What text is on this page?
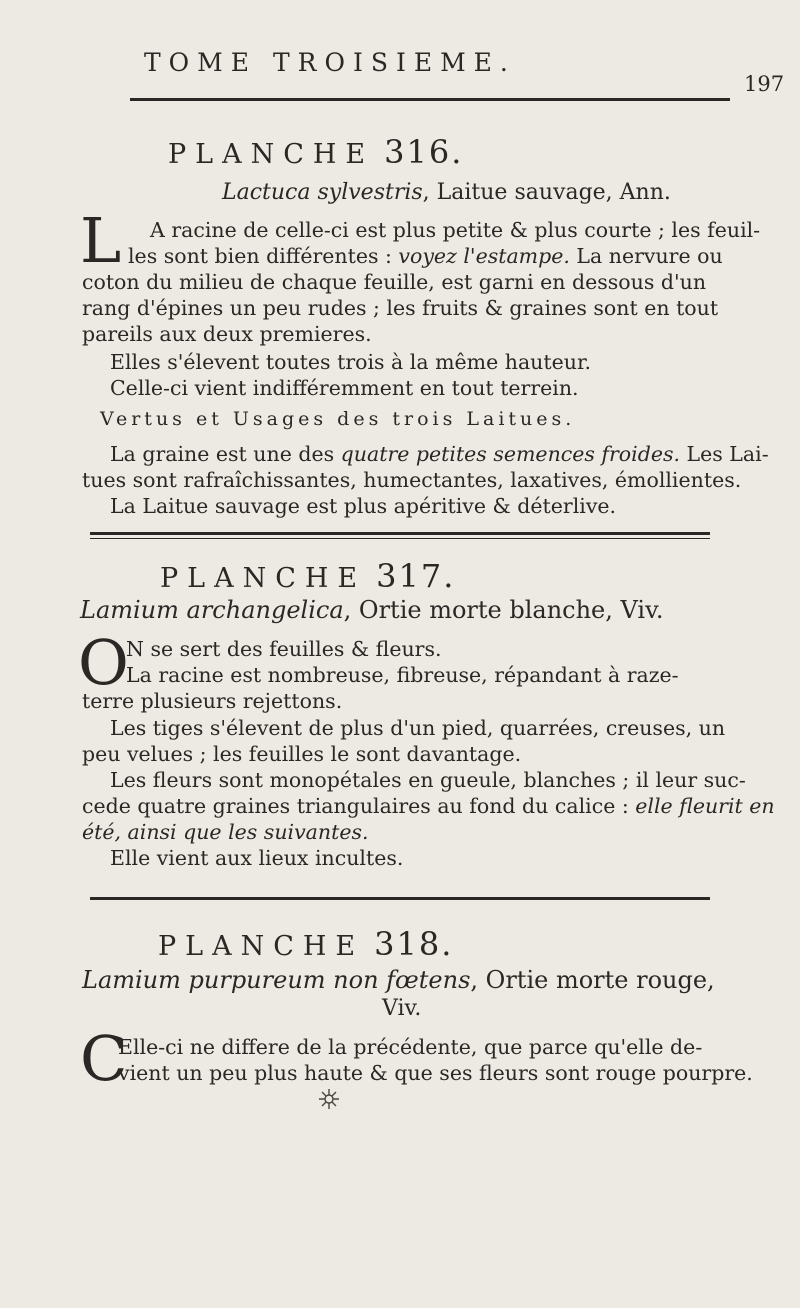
TOME TROISIEME.
197
PLANCHE 316.
Lactuca sylvestris, Laitue sauvage, Ann.
L A racine de celle-ci est plus petite & plus courte ; les feuil-
les sont bien différentes : voyez l'estampe. La nervure ou
coton du milieu de chaque feuille, est garni en dessous d'un
rang d'épines un peu rudes ; les fruits & graines sont en tout
pareils aux deux premieres.
Elles s'élevent toutes trois à la même hauteur.
Celle-ci vient indifféremment en tout terrein.
Vertus et Usages des trois Laitues.
La graine est une des quatre petites semences froides. Les Lai-
tues sont rafraîchissantes, humectantes, laxatives, émollientes.
La Laitue sauvage est plus apéritive & déterlive.
PLANCHE 317.
Lamium archangelica, Ortie morte blanche, Viv.
O
N se sert des feuilles & fleurs.
La racine est nombreuse, fibreuse, répandant à raze-
terre plusieurs rejettons.
Les tiges s'élevent de plus d'un pied, quarrées, creuses, un
peu velues ; les feuilles le sont davantage.
Les fleurs sont monopétales en gueule, blanches ; il leur suc-
cede quatre graines triangulaires au fond du calice : elle fleurit en
été, ainsi que les suivantes.
Elle vient aux lieux incultes.
PLANCHE 318.
Lamium purpureum non fœtens, Ortie morte rouge,
Viv.
C
Elle-ci ne differe de la précédente, que parce qu'elle de-
vient un peu plus haute & que ses fleurs sont rouge pourpre.
